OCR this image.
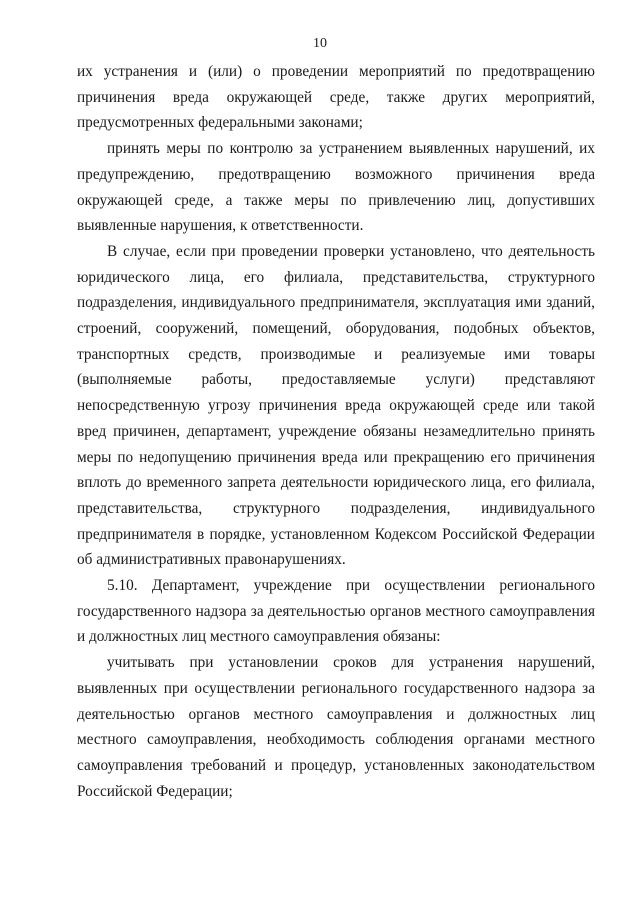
10

их устранения и (или) о проведении мероприятий по предотвращению причинения вреда окружающей среде, также других мероприятий, предусмотренных федеральными законами;

принять меры по контролю за устранением выявленных нарушений, их предупреждению, предотвращению возможного причинения вреда окружающей среде, а также меры по привлечению лиц, допустивших выявленные нарушения, к ответственности.

В случае, если при проведении проверки установлено, что деятельность юридического лица, его филиала, представительства, структурного подразделения, индивидуального предпринимателя, эксплуатация ими зданий, строений, сооружений, помещений, оборудования, подобных объектов, транспортных средств, производимые и реализуемые ими товары (выполняемые работы, предоставляемые услуги) представляют непосредственную угрозу причинения вреда окружающей среде или такой вред причинен, департамент, учреждение обязаны незамедлительно принять меры по недопущению причинения вреда или прекращению его причинения вплоть до временного запрета деятельности юридического лица, его филиала, представительства, структурного подразделения, индивидуального предпринимателя в порядке, установленном Кодексом Российской Федерации об административных правонарушениях.

5.10. Департамент, учреждение при осуществлении регионального государственного надзора за деятельностью органов местного самоуправления и должностных лиц местного самоуправления обязаны:

учитывать при установлении сроков для устранения нарушений, выявленных при осуществлении регионального государственного надзора за деятельностью органов местного самоуправления и должностных лиц местного самоуправления, необходимость соблюдения органами местного самоуправления требований и процедур, установленных законодательством Российской Федерации;
